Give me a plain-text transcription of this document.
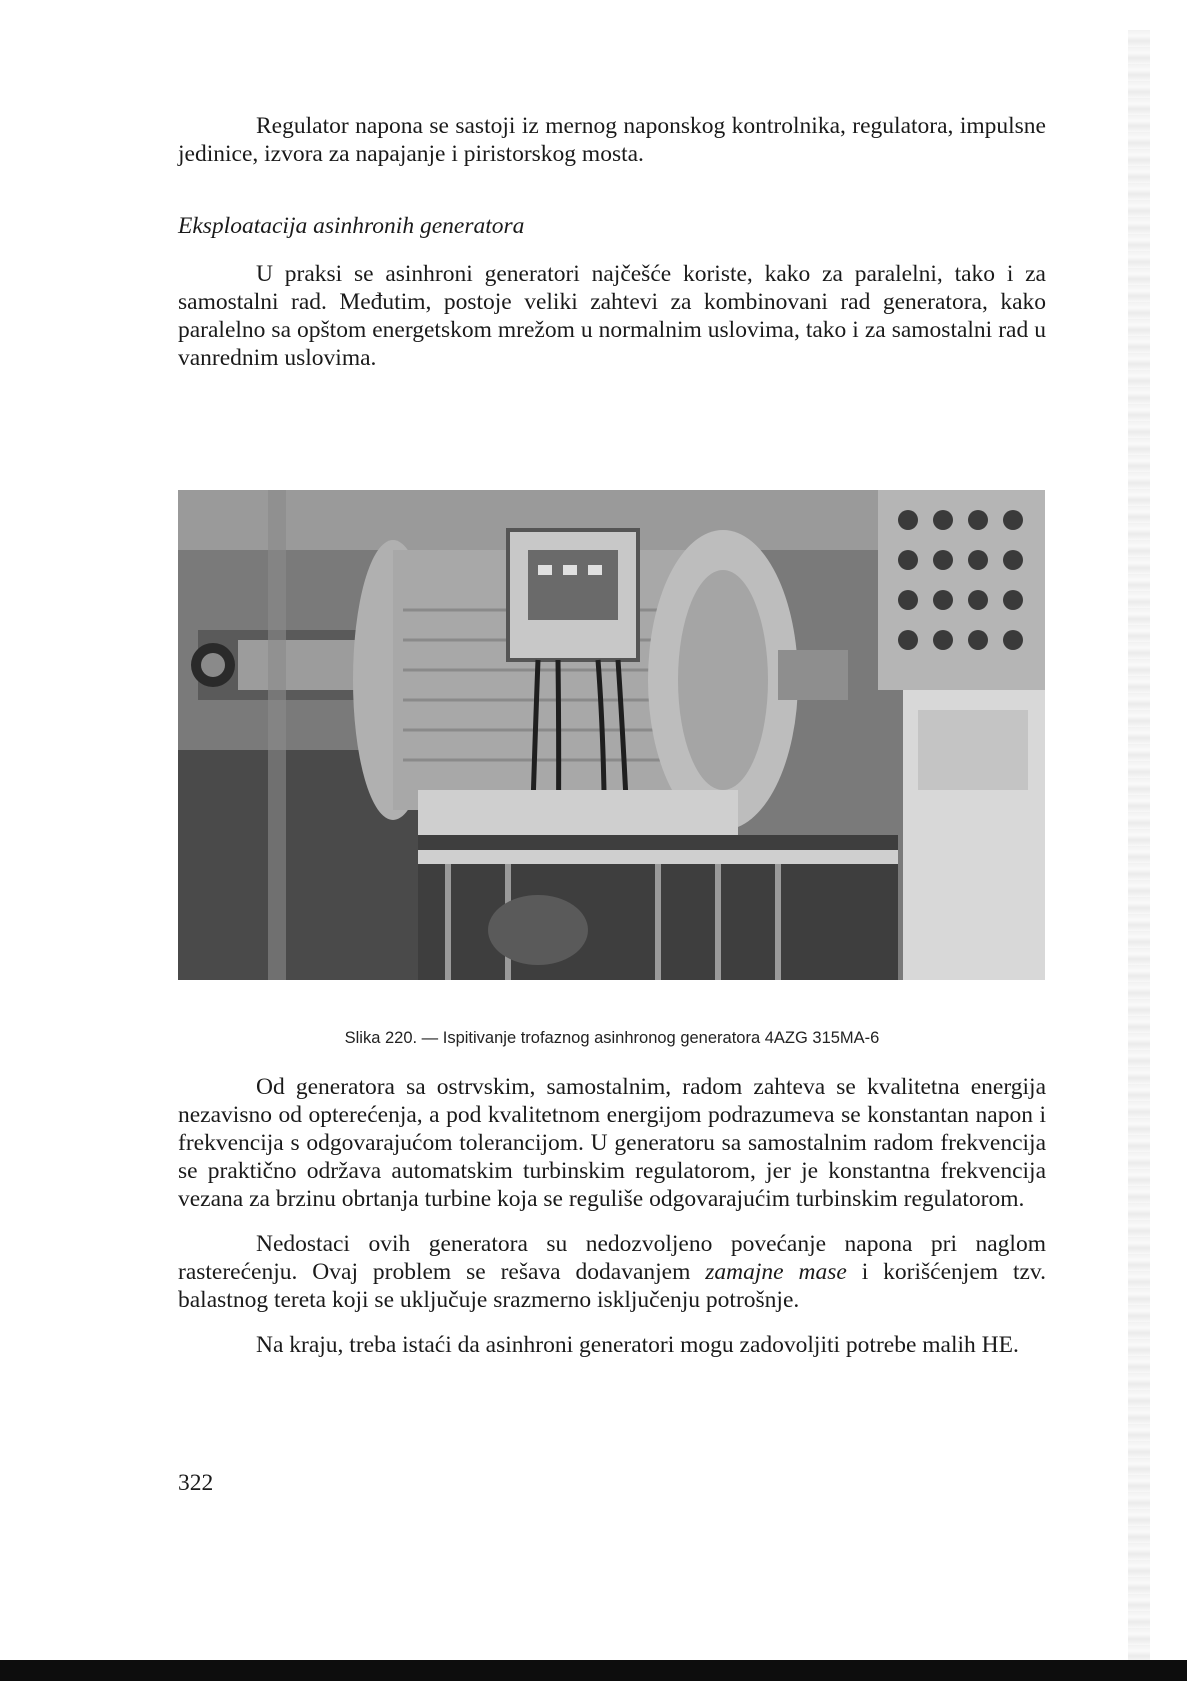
Regulator napona se sastoji iz mernog naponskog kontrolnika, regulatora, impulsne jedinice, izvora za napajanje i piristorskog mosta.

Eksploatacija asinhronih generatora

U praksi se asinhroni generatori najčešće koriste, kako za paralelni, tako i za samostalni rad. Međutim, postoje veliki zahtevi za kombinovani rad generatora, kako paralelno sa opštom energetskom mrežom u normalnim uslovima, tako i za samostalni rad u vanrednim uslovima.

Slika 220. — Ispitivanje trofaznog asinhronog generatora 4AZG 315MA-6

Od generatora sa ostrvskim, samostalnim, radom zahteva se kvalitetna energija nezavisno od opterećenja, a pod kvalitetnom energijom podrazumeva se konstantan napon i frekvencija s odgovarajućom tolerancijom. U generatoru sa samostalnim radom frekvencija se praktično održava automatskim turbinskim regulatorom, jer je konstantna frekvencija vezana za brzinu obrtanja turbine koja se reguliše odgovarajućim turbinskim regulatorom.

Nedostaci ovih generatora su nedozvoljeno povećanje napona pri naglom rasterećenju. Ovaj problem se rešava dodavanjem zamajne mase i korišćenjem tzv. balastnog tereta koji se uključuje srazmerno isključenju potrošnje.

Na kraju, treba istaći da asinhroni generatori mogu zadovoljiti potrebe malih HE.

322
